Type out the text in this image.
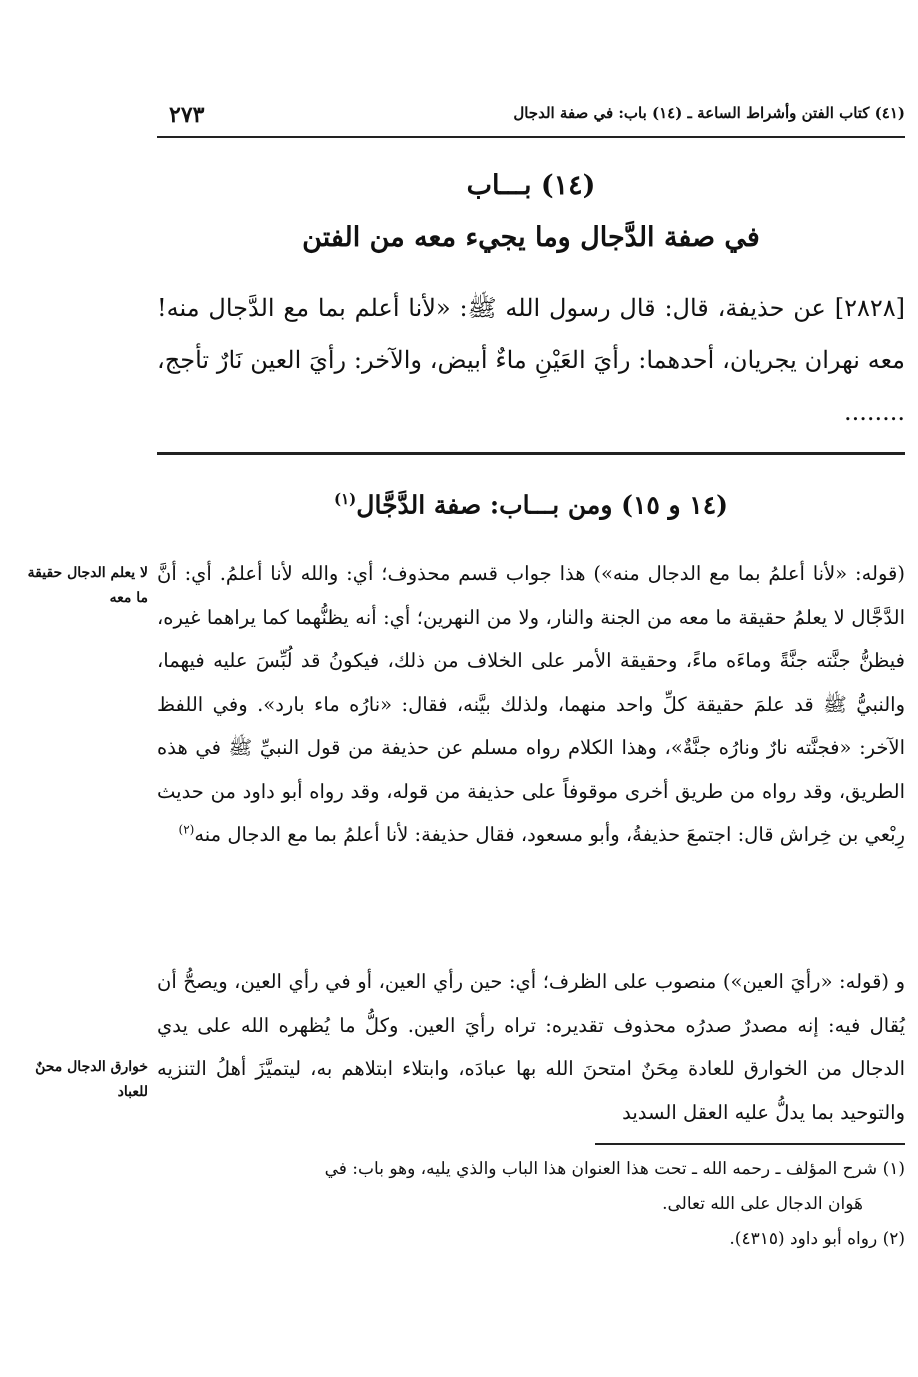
٢٧٣	(٤١) كتاب الفتن وأشراط الساعة ـ (١٤) باب: في صفة الدجال
(١٤) بـــاب
في صفة الدَّجال وما يجيء معه من الفتن
[٢٨٢٨] عن حذيفة، قال: قال رسول الله ﷺ: «لأنا أعلم بما مع الدَّجال منه! معه نهران يجريان، أحدهما: رأيَ العَيْنِ ماءٌ أبيض، والآخر: رأيَ العين نَارٌ تأجج، ........
(١٤ و ١٥) ومن بـــاب: صفة الدَّجَّال$^{(١)}$
لا يعلم الدجال حقيقة ما معه
(قوله: «لأنا أعلمُ بما مع الدجال منه») هذا جواب قسم محذوف؛ أي: والله لأنا أعلمُ. أي: أنَّ الدَّجَّال لا يعلمُ حقيقة ما معه من الجنة والنار، ولا من النهرين؛ أي: أنه يظنُّهما كما يراهما غيره، فيظنُّ جنَّته جنَّةً وماءَه ماءً، وحقيقة الأمر على الخلاف من ذلك، فيكونُ قد لُبِّسَ عليه فيهما، والنبيُّ ﷺ قد علمَ حقيقة كلِّ واحد منهما، ولذلك بيَّنه، فقال: «نارُه ماء بارد». وفي اللفظ الآخر: «فجنَّته نارٌ ونارُه جنَّةٌ»، وهذا الكلام رواه مسلم عن حذيفة من قول النبيِّ ﷺ في هذه الطريق، وقد رواه من طريق أخرى موقوفاً على حذيفة من قوله، وقد رواه أبو داود من حديث رِبْعي بن خِراش قال: اجتمعَ حذيفةُ، وأبو مسعود، فقال حذيفة: لأنا أعلمُ بما مع الدجال منه$^{(٢)}$
خوارق الدجال محنٌ للعباد
و (قوله: «رأيَ العين») منصوب على الظرف؛ أي: حين رأي العين، أو في رأي العين، ويصحُّ أن يُقال فيه: إنه مصدرٌ صدرُه محذوف تقديره: تراه رأيَ العين. وكلُّ ما يُظهره الله على يدي الدجال من الخوارق للعادة مِحَنٌ امتحنَ الله بها عبادَه، وابتلاء ابتلاهم به، ليتميَّزَ أهلُ التنزيه والتوحيد بما يدلُّ عليه العقل السديد

(١) شرح المؤلف ـ رحمه الله ـ تحت هذا العنوان هذا الباب والذي يليه، وهو باب: في

هَوان الدجال على الله تعالى.

(٢) رواه أبو داود (٤٣١٥).
